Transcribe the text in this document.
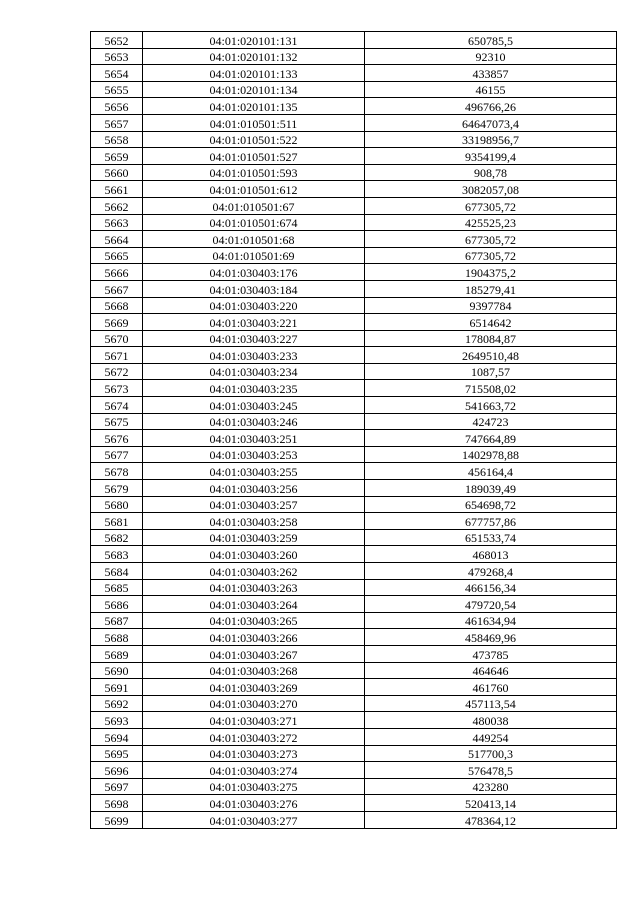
5652	04:01:020101:131	650785,5
5653	04:01:020101:132	92310
5654	04:01:020101:133	433857
5655	04:01:020101:134	46155
5656	04:01:020101:135	496766,26
5657	04:01:010501:511	64647073,4
5658	04:01:010501:522	33198956,7
5659	04:01:010501:527	9354199,4
5660	04:01:010501:593	908,78
5661	04:01:010501:612	3082057,08
5662	04:01:010501:67	677305,72
5663	04:01:010501:674	425525,23
5664	04:01:010501:68	677305,72
5665	04:01:010501:69	677305,72
5666	04:01:030403:176	1904375,2
5667	04:01:030403:184	185279,41
5668	04:01:030403:220	9397784
5669	04:01:030403:221	6514642
5670	04:01:030403:227	178084,87
5671	04:01:030403:233	2649510,48
5672	04:01:030403:234	1087,57
5673	04:01:030403:235	715508,02
5674	04:01:030403:245	541663,72
5675	04:01:030403:246	424723
5676	04:01:030403:251	747664,89
5677	04:01:030403:253	1402978,88
5678	04:01:030403:255	456164,4
5679	04:01:030403:256	189039,49
5680	04:01:030403:257	654698,72
5681	04:01:030403:258	677757,86
5682	04:01:030403:259	651533,74
5683	04:01:030403:260	468013
5684	04:01:030403:262	479268,4
5685	04:01:030403:263	466156,34
5686	04:01:030403:264	479720,54
5687	04:01:030403:265	461634,94
5688	04:01:030403:266	458469,96
5689	04:01:030403:267	473785
5690	04:01:030403:268	464646
5691	04:01:030403:269	461760
5692	04:01:030403:270	457113,54
5693	04:01:030403:271	480038
5694	04:01:030403:272	449254
5695	04:01:030403:273	517700,3
5696	04:01:030403:274	576478,5
5697	04:01:030403:275	423280
5698	04:01:030403:276	520413,14
5699	04:01:030403:277	478364,12
